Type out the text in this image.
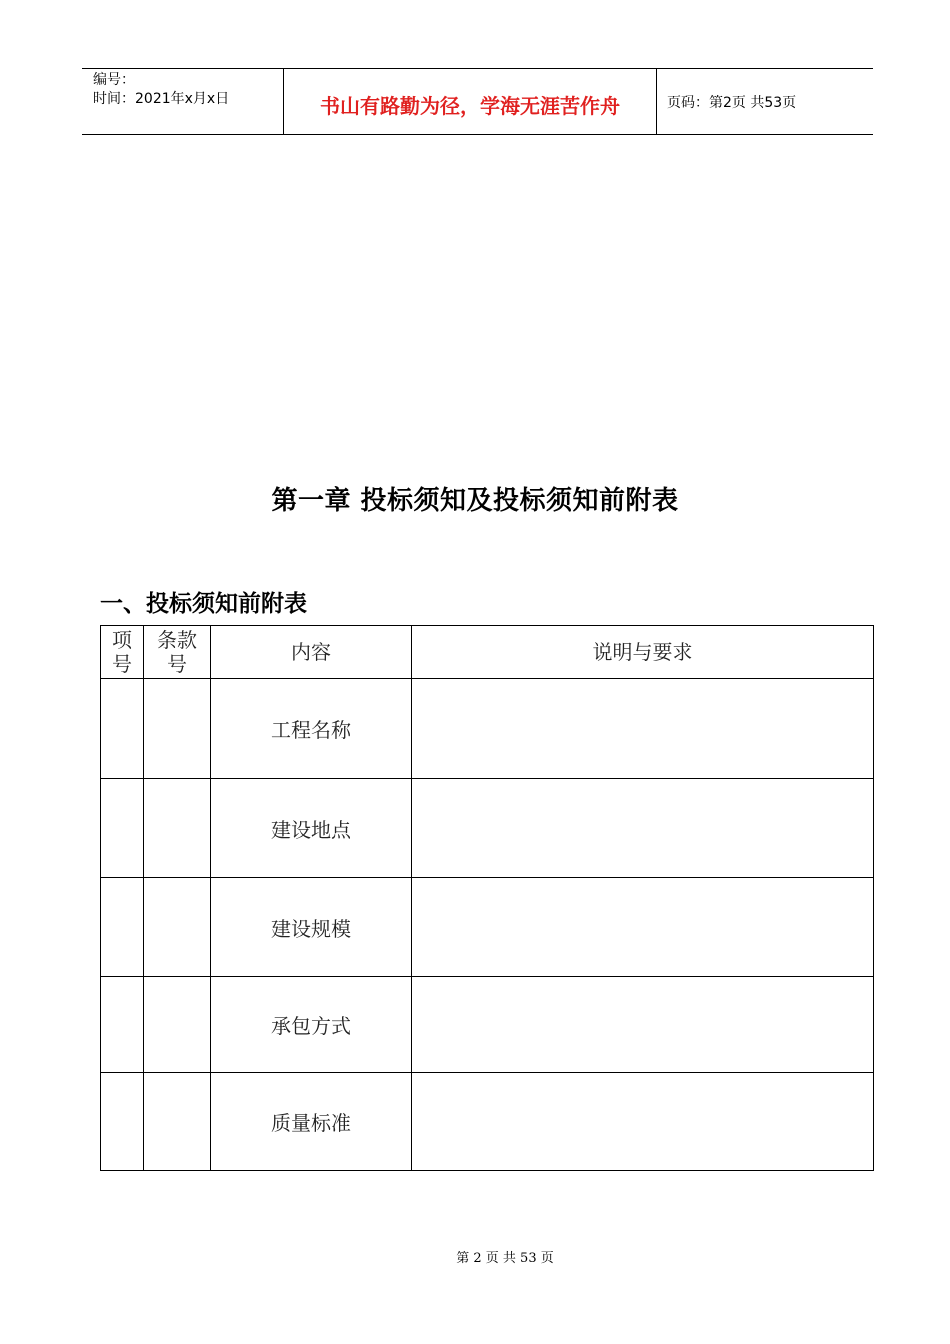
编号：
时间：2021年x月x日	书山有路勤为径，学海无涯苦作舟	页码：第2页 共53页
第一章 投标须知及投标须知前附表
一、投标须知前附表
项
号	条款
号	内容	说明与要求
		工程名称	
		建设地点	
		建设规模	
		承包方式	
		质量标准	
第 2 页 共 53 页
